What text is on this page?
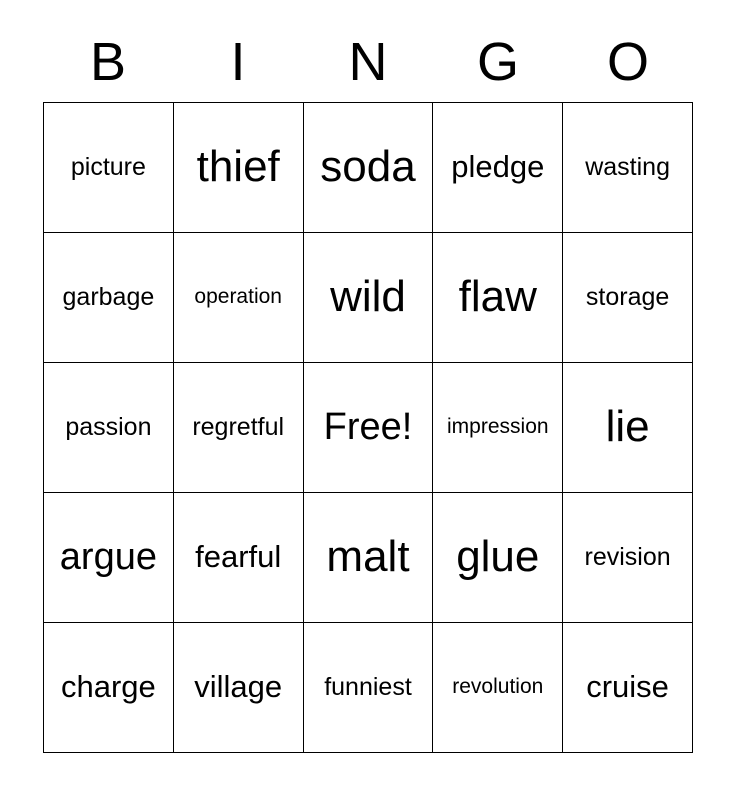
B	I	N	G	O
picture thief soda pledge wasting
garbage operation wild flaw storage
passion regretful Free! impression lie
argue fearful malt glue revision
charge village funniest revolution cruise
